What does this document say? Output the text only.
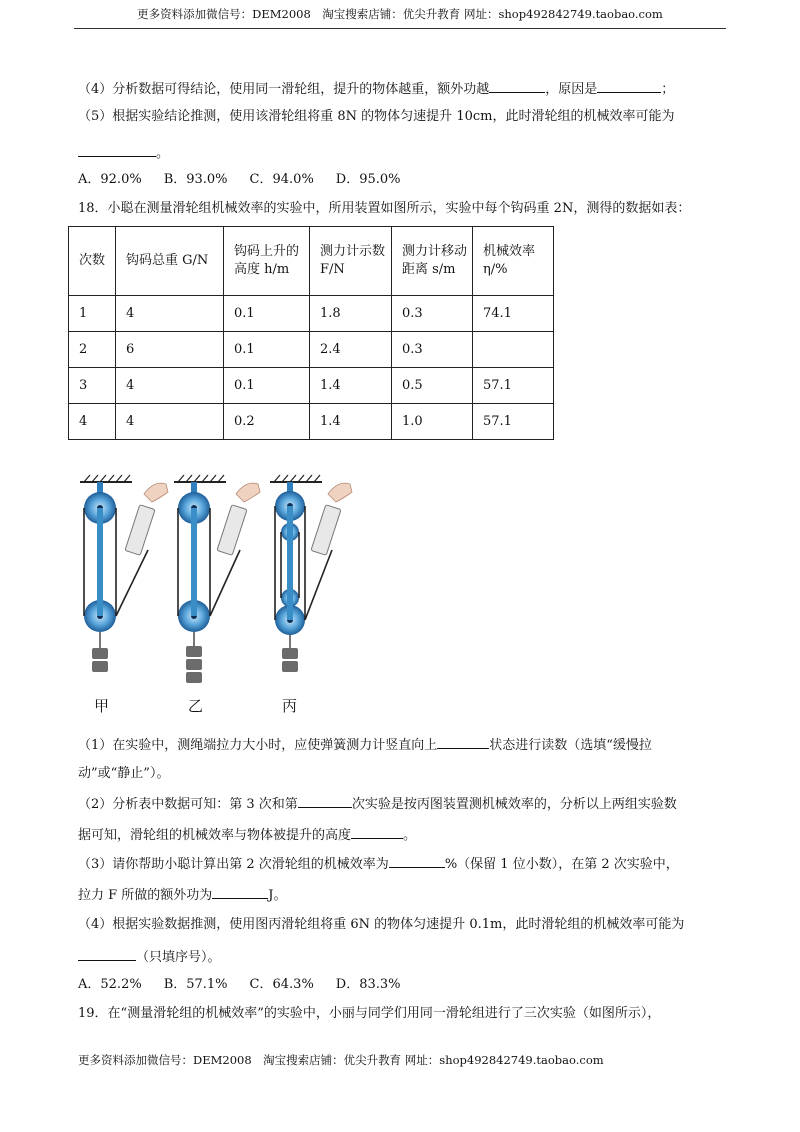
更多资料添加微信号：DEM2008　淘宝搜索店铺：优尖升教育 网址：shop492842749.taobao.com
（4）分析数据可得结论，使用同一滑轮组，提升的物体越重，额外功越	，原因是	；
（5）根据实验结论推测，使用该滑轮组将重 8N 的物体匀速提升 10cm，此时滑轮组的机械效率可能为
。
A．92.0% B．93.0% C．94.0% D．95.0%
18．小聪在测量滑轮组机械效率的实验中，所用装置如图所示，实验中每个钩码重 2N，测得的数据如表：
次数	钩码总重 G/N	钩码上升的高度 h/m	测力计示数 F/N	测力计移动距离 s/m	机械效率 η/%
1	4	0.1	1.8	0.3	74.1
2	6	0.1	2.4	0.3	
3	4	0.1	1.4	0.5	57.1
4	4	0.2	1.4	1.0	57.1
甲	乙	丙
（1）在实验中，测绳端拉力大小时，应使弹簧测力计竖直向上	状态进行读数（选填“缓慢拉
动”或“静止”）。
（2）分析表中数据可知：第 3 次和第	次实验是按丙图装置测机械效率的，分析以上两组实验数
据可知，滑轮组的机械效率与物体被提升的高度	。
（3）请你帮助小聪计算出第 2 次滑轮组的机械效率为	%（保留 1 位小数），在第 2 次实验中，
拉力 F 所做的额外功为	J。
（4）根据实验数据推测，使用图丙滑轮组将重 6N 的物体匀速提升 0.1m，此时滑轮组的机械效率可能为
（只填序号）。
A．52.2% B．57.1% C．64.3% D．83.3%
19．在“测量滑轮组的机械效率”的实验中，小丽与同学们用同一滑轮组进行了三次实验（如图所示），
更多资料添加微信号：DEM2008　淘宝搜索店铺：优尖升教育 网址：shop492842749.taobao.com
